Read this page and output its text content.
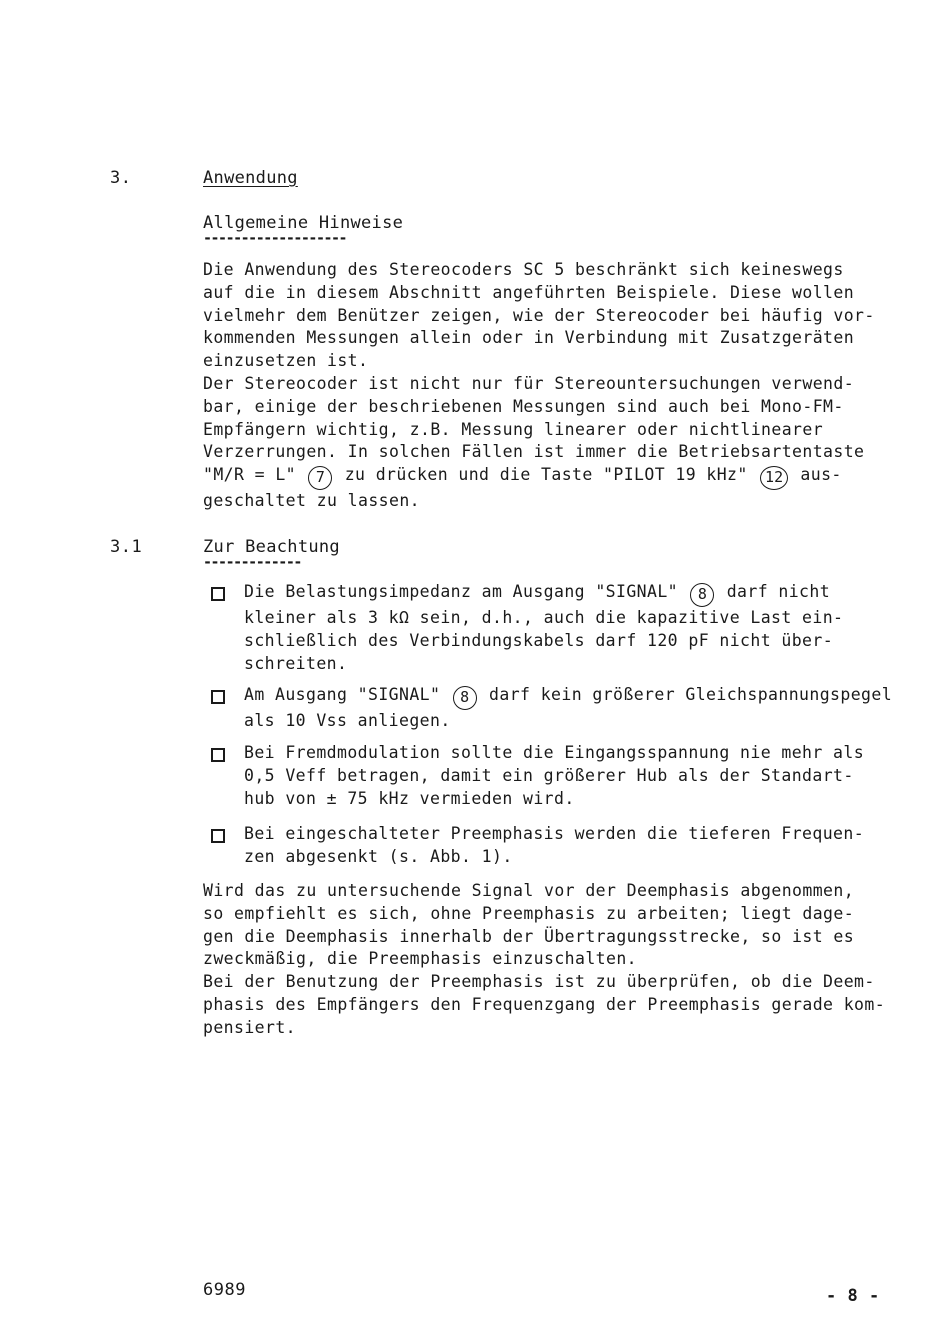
3.	Anwendung
Allgemeine Hinweise
-------------------

Die Anwendung des Stereocoders SC 5 beschränkt sich keineswegs

auf die in diesem Abschnitt angeführten Beispiele. Diese wollen

vielmehr dem Benützer zeigen, wie der Stereocoder bei häufig vor-

kommenden Messungen allein oder in Verbindung mit Zusatzgeräten

einzusetzen ist.

Der Stereocoder ist nicht nur für Stereountersuchungen verwend-

bar, einige der beschriebenen Messungen sind auch bei Mono-FM-

Empfängern wichtig, z.B. Messung linearer oder nichtlinearer

Verzerrungen. In solchen Fällen ist immer die Betriebsartentaste

"M/R = L" 7 zu drücken und die Taste "PILOT 19 kHz" 12 aus-

geschaltet zu lassen.

3.1	Zur Beachtung
-------------
Die Belastungsimpedanz am Ausgang "SIGNAL" 8 darf nicht
kleiner als 3 kΩ sein, d.h., auch die kapazitive Last ein-
schließlich des Verbindungskabels darf 120 pF nicht über-
schreiten.
Am Ausgang "SIGNAL" 8 darf kein größerer Gleichspannungspegel
als 10 Vss anliegen.
Bei Fremdmodulation sollte die Eingangsspannung nie mehr als
0,5 Veff betragen, damit ein größerer Hub als der Standart-
hub von ± 75 kHz vermieden wird.
Bei eingeschalteter Preemphasis werden die tieferen Frequen-
zen abgesenkt (s. Abb. 1).

Wird das zu untersuchende Signal vor der Deemphasis abgenommen,

so empfiehlt es sich, ohne Preemphasis zu arbeiten; liegt dage-

gen die Deemphasis innerhalb der Übertragungsstrecke, so ist es

zweckmäßig, die Preemphasis einzuschalten.

Bei der Benutzung der Preemphasis ist zu überprüfen, ob die Deem-

phasis des Empfängers den Frequenzgang der Preemphasis gerade kom-

pensiert.

6989	- 8 -
